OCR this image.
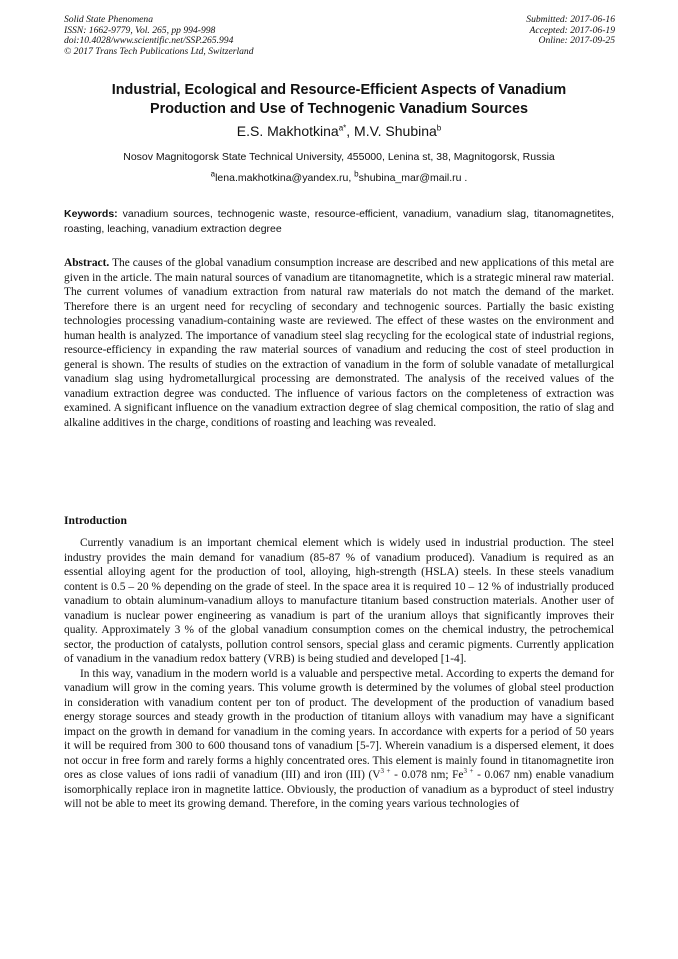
Solid State Phenomena
ISSN: 1662-9779, Vol. 265, pp 994-998
doi:10.4028/www.scientific.net/SSP.265.994
© 2017 Trans Tech Publications Ltd, Switzerland
Submitted: 2017-06-16
Accepted: 2017-06-19
Online: 2017-09-25
Industrial, Ecological and Resource-Efficient Aspects of Vanadium
Production and Use of Technogenic Vanadium Sources
E.S. Makhotkina$^{a*}$, M.V. Shubina$^b$
Nosov Magnitogorsk State Technical University, 455000, Lenina st, 38, Magnitogorsk, Russia
$^a$lena.makhotkina@yandex.ru, $^b$shubina_mar@mail.ru .
Keywords: vanadium sources, technogenic waste, resource-efficient, vanadium, vanadium slag, titanomagnetites, roasting, leaching, vanadium extraction degree
Abstract. The causes of the global vanadium consumption increase are described and new applications of this metal are given in the article. The main natural sources of vanadium are titanomagnetite, which is a strategic mineral raw material. The current volumes of vanadium extraction from natural raw materials do not match the demand of the market. Therefore there is an urgent need for recycling of secondary and technogenic sources. Partially the basic existing technologies processing vanadium-containing waste are reviewed. The effect of these wastes on the environment and human health is analyzed. The importance of vanadium steel slag recycling for the ecological state of industrial regions, resource-efficiency in expanding the raw material sources of vanadium and reducing the cost of steel production in general is shown. The results of studies on the extraction of vanadium in the form of soluble vanadate of metallurgical vanadium slag using hydrometallurgical processing are demonstrated. The analysis of the received values of the vanadium extraction degree was conducted. The influence of various factors on the completeness of extraction was examined. A significant influence on the vanadium extraction degree of slag chemical composition, the ratio of slag and alkaline additives in the charge, conditions of roasting and leaching was revealed.
Introduction

Currently vanadium is an important chemical element which is widely used in industrial production. The steel industry provides the main demand for vanadium (85-87 % of vanadium produced). Vanadium is required as an essential alloying agent for the production of tool, alloying, high-strength (HSLA) steels. In these steels vanadium content is 0.5 – 20 % depending on the grade of steel. In the space area it is required 10 – 12 % of industrially produced vanadium to obtain aluminum-vanadium alloys to manufacture titanium based construction materials. Another user of vanadium is nuclear power engineering as vanadium is part of the uranium alloys that significantly improves their quality. Approximately 3 % of the global vanadium consumption comes on the chemical industry, the petrochemical sector, the production of catalysts, pollution control sensors, special glass and ceramic pigments. Currently application of vanadium in the vanadium redox battery (VRB) is being studied and developed [1-4].

In this way, vanadium in the modern world is a valuable and perspective metal. According to experts the demand for vanadium will grow in the coming years. This volume growth is determined by the volumes of global steel production in consideration with vanadium content per ton of product. The development of the production of vanadium based energy storage sources and steady growth in the production of titanium alloys with vanadium may have a significant impact on the growth in demand for vanadium in the coming years. In accordance with experts for a period of 50 years it will be required from 300 to 600 thousand tons of vanadium [5-7]. Wherein vanadium is a dispersed element, it does not occur in free form and rarely forms a highly concentrated ores. This element is mainly found in titanomagnetite iron ores as close values of ions radii of vanadium (III) and iron (III) ($V^{3 +} - 0.078$ nm; $Fe^{3 +} - 0.067$ nm) enable vanadium isomorphically replace iron in magnetite lattice. Obviously, the production of vanadium as a byproduct of steel industry will not be able to meet its growing demand. Therefore, in the coming years various technologies of
